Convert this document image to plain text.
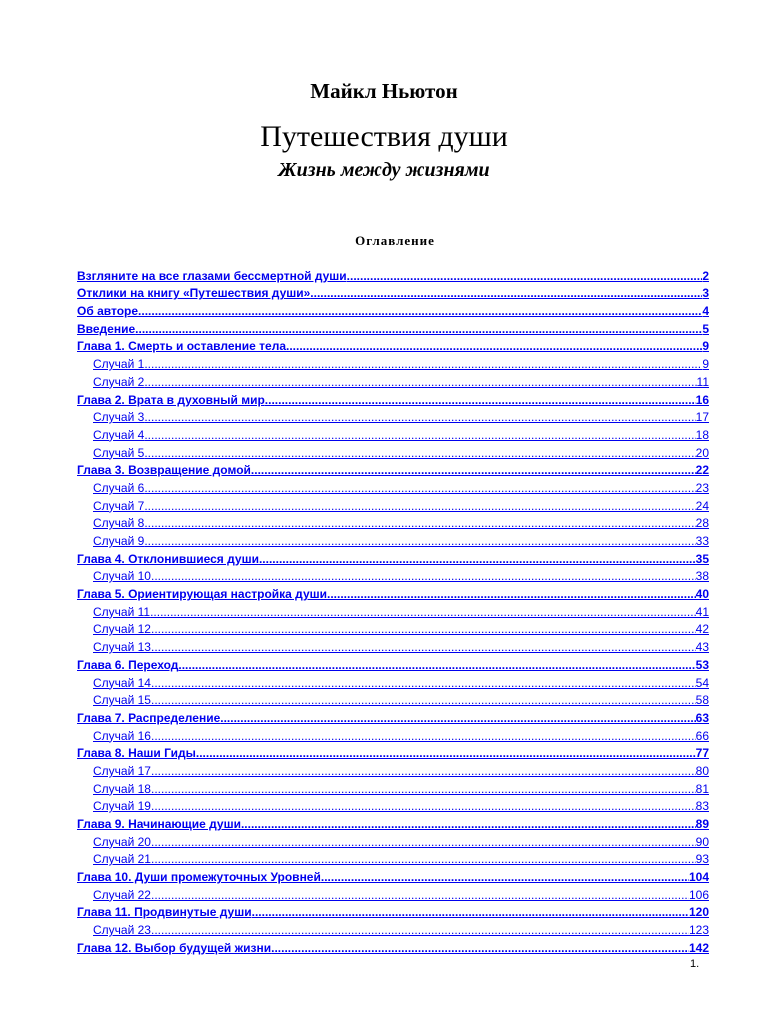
Майкл Ньютон
Путешествия души
Жизнь между жизнями
Оглавление
Взгляните на все глазами бессмертной души .....	2
Отклики на книгу «Путешествия души» .....	3
Об авторе .....	4
Введение .....	5
Глава 1. Смерть и оставление тела .....	9
Случай 1 .....	9
Случай 2 .....	11
Глава 2. Врата в духовный мир .....	16
Случай 3 .....	17
Случай 4 .....	18
Случай 5 .....	20
Глава 3. Возвращение домой .....	22
Случай 6 .....	23
Случай 7 .....	24
Случай 8 .....	28
Случай 9 .....	33
Глава 4. Отклонившиеся души .....	35
Случай 10 .....	38
Глава 5. Ориентирующая настройка души .....	40
Случай 11 .....	41
Случай 12 .....	42
Случай 13 .....	43
Глава 6. Переход .....	53
Случай 14 .....	54
Случай 15 .....	58
Глава 7. Распределение .....	63
Случай 16 .....	66
Глава 8. Наши Гиды .....	77
Случай 17 .....	80
Случай 18 .....	81
Случай 19 .....	83
Глава 9. Начинающие души .....	89
Случай 20 .....	90
Случай 21 .....	93
Глава 10. Души промежуточных Уровней .....	104
Случай 22 .....	106
Глава 11. Продвинутые души .....	120
Случай 23 .....	123
Глава 12. Выбор будущей жизни .....	142
1.
